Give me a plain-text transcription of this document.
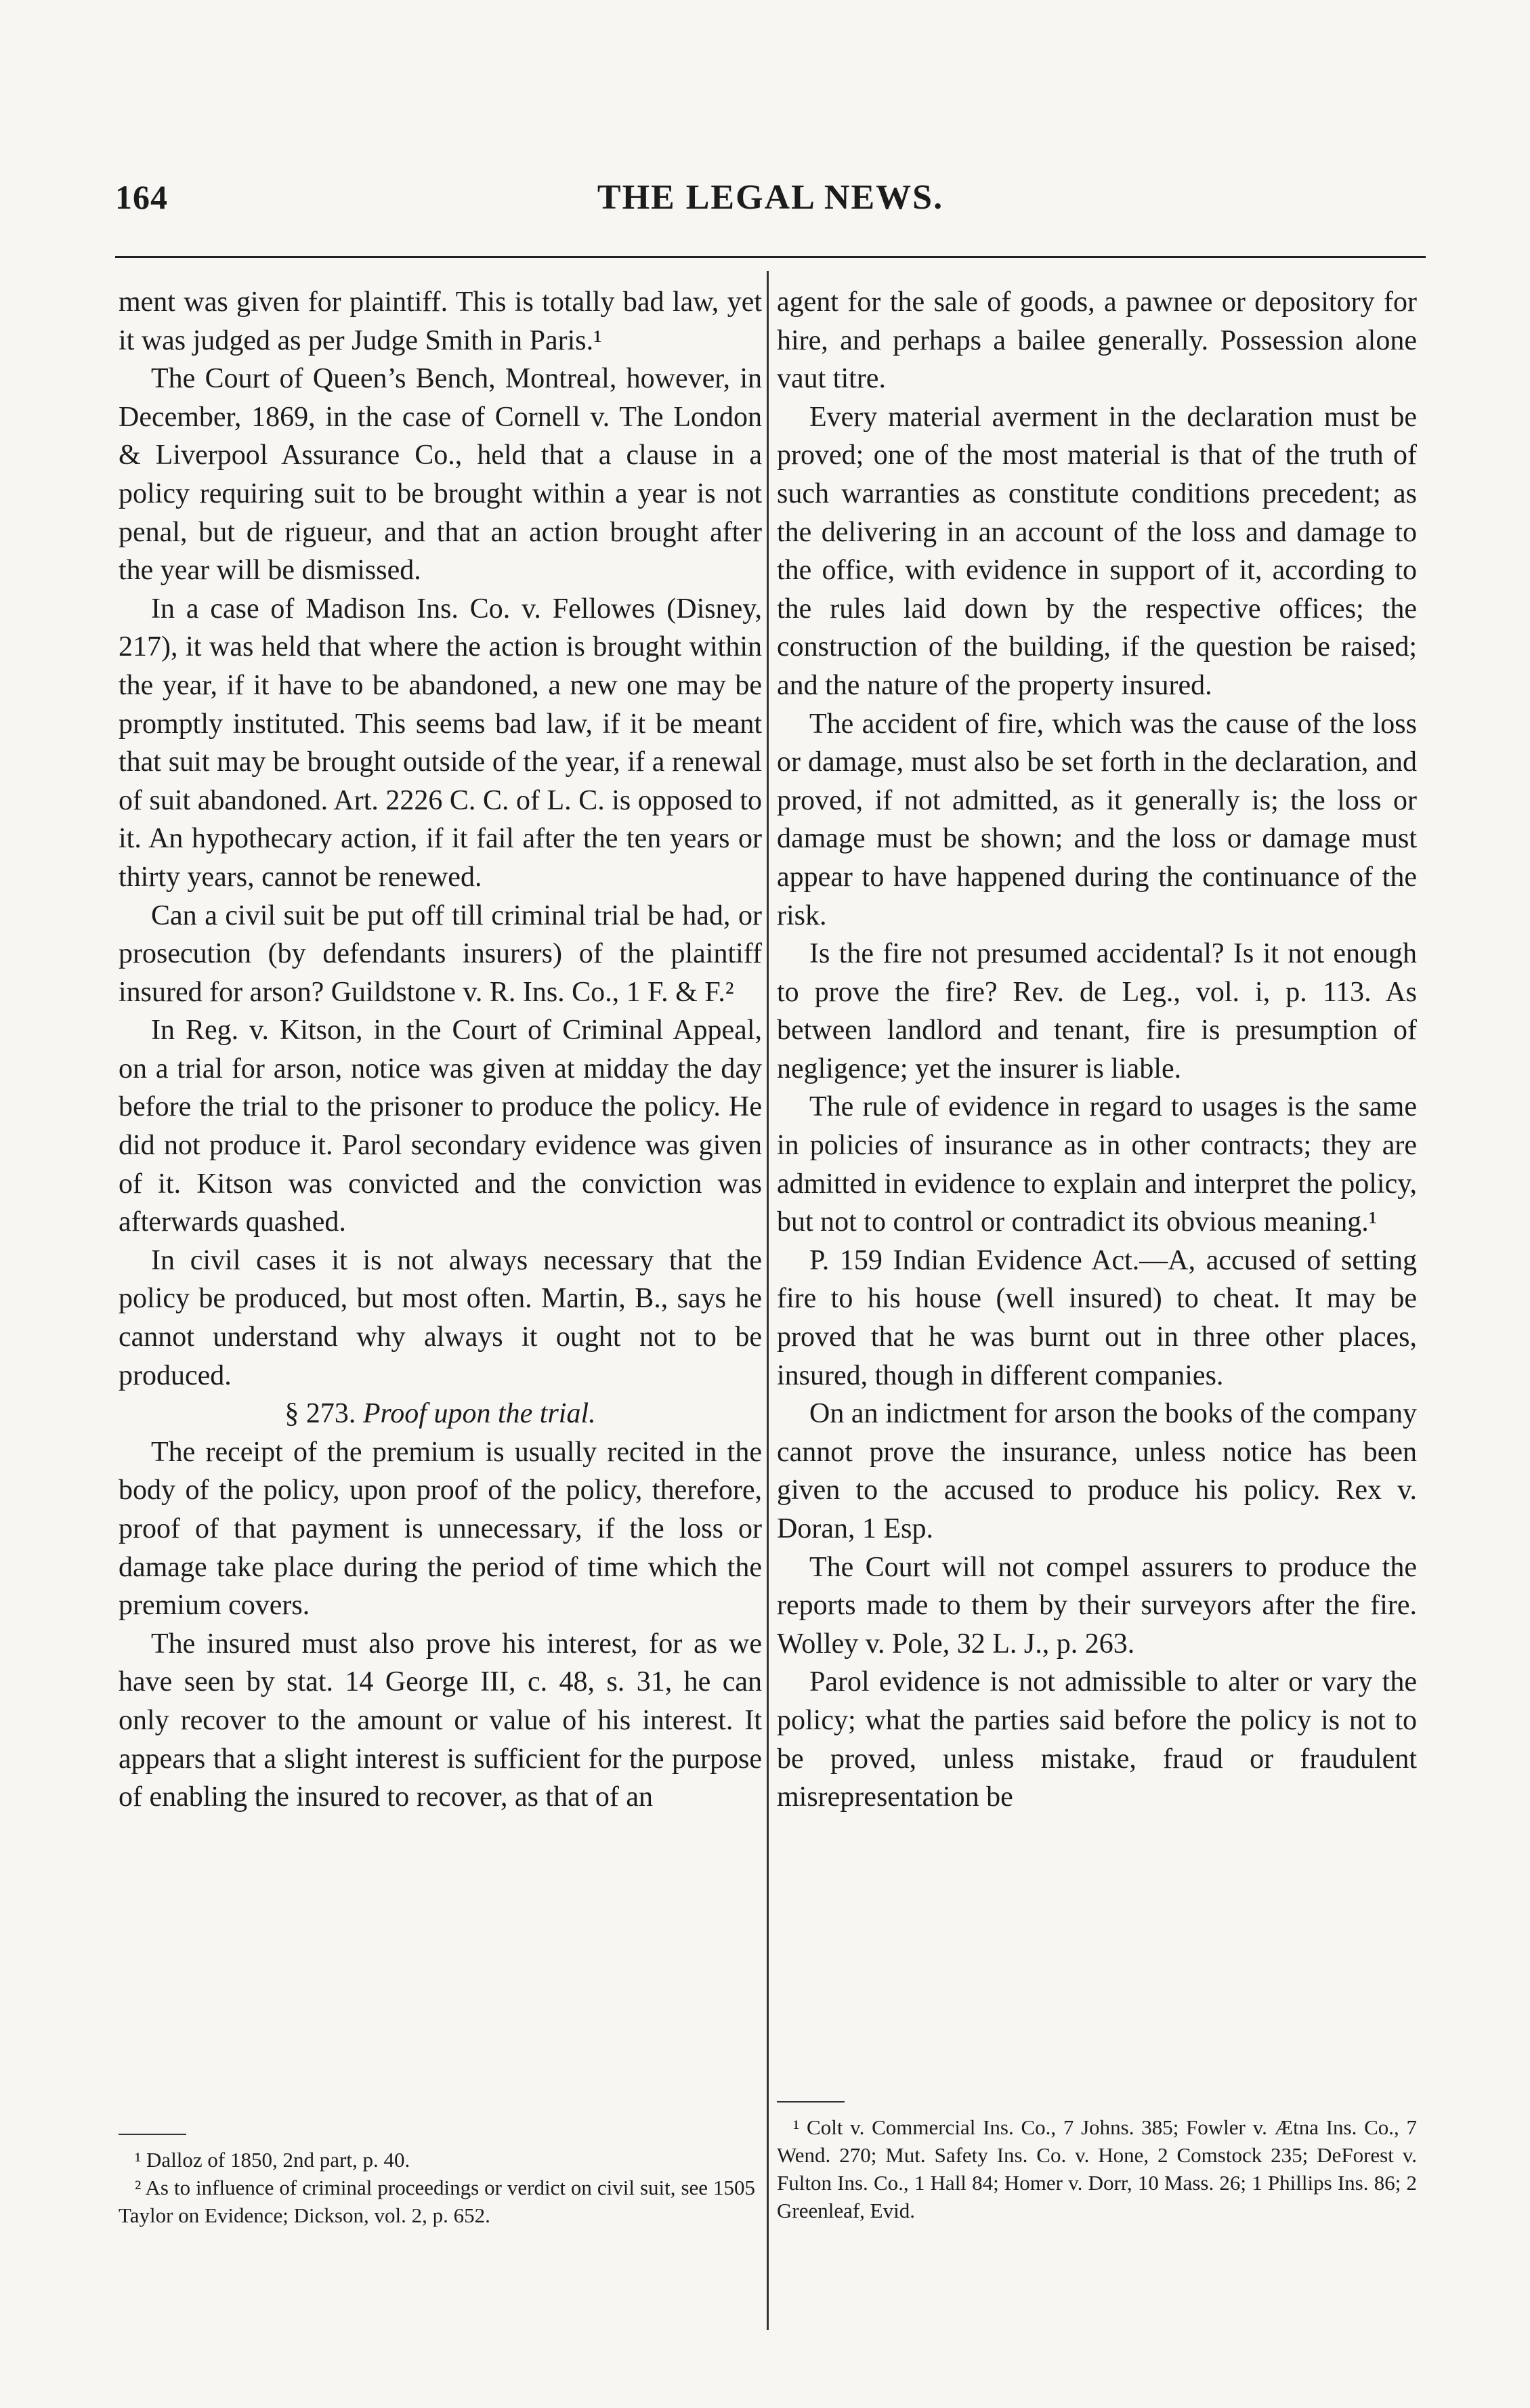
164	THE LEGAL NEWS.

ment was given for plaintiff. This is totally bad law, yet it was judged as per Judge Smith in Paris.¹

The Court of Queen’s Bench, Montreal, however, in December, 1869, in the case of Cornell v. The London & Liverpool Assurance Co., held that a clause in a policy requiring suit to be brought within a year is not penal, but de rigueur, and that an action brought after the year will be dismissed.

In a case of Madison Ins. Co. v. Fellowes (Disney, 217), it was held that where the action is brought within the year, if it have to be abandoned, a new one may be promptly instituted. This seems bad law, if it be meant that suit may be brought outside of the year, if a renewal of suit abandoned. Art. 2226 C. C. of L. C. is opposed to it. An hypothecary action, if it fail after the ten years or thirty years, cannot be renewed.

Can a civil suit be put off till criminal trial be had, or prosecution (by defendants insurers) of the plaintiff insured for arson? Guildstone v. R. Ins. Co., 1 F. & F.²

In Reg. v. Kitson, in the Court of Criminal Appeal, on a trial for arson, notice was given at midday the day before the trial to the prisoner to produce the policy. He did not produce it. Parol secondary evidence was given of it. Kitson was convicted and the conviction was afterwards quashed.

In civil cases it is not always necessary that the policy be produced, but most often. Martin, B., says he cannot understand why always it ought not to be produced.

§ 273. Proof upon the trial.

The receipt of the premium is usually recited in the body of the policy, upon proof of the policy, therefore, proof of that payment is unnecessary, if the loss or damage take place during the period of time which the premium covers.

The insured must also prove his interest, for as we have seen by stat. 14 George III, c. 48, s. 31, he can only recover to the amount or value of his interest. It appears that a slight interest is sufficient for the purpose of enabling the insured to recover, as that of an

agent for the sale of goods, a pawnee or depository for hire, and perhaps a bailee generally. Possession alone vaut titre.

Every material averment in the declaration must be proved; one of the most material is that of the truth of such warranties as constitute conditions precedent; as the delivering in an account of the loss and damage to the office, with evidence in support of it, according to the rules laid down by the respective offices; the construction of the building, if the question be raised; and the nature of the property insured.

The accident of fire, which was the cause of the loss or damage, must also be set forth in the declaration, and proved, if not admitted, as it generally is; the loss or damage must be shown; and the loss or damage must appear to have happened during the continuance of the risk.

Is the fire not presumed accidental? Is it not enough to prove the fire? Rev. de Leg., vol. i, p. 113. As between landlord and tenant, fire is presumption of negligence; yet the insurer is liable.

The rule of evidence in regard to usages is the same in policies of insurance as in other contracts; they are admitted in evidence to explain and interpret the policy, but not to control or contradict its obvious meaning.¹

P. 159 Indian Evidence Act.—A, accused of setting fire to his house (well insured) to cheat. It may be proved that he was burnt out in three other places, insured, though in different companies.

On an indictment for arson the books of the company cannot prove the insurance, unless notice has been given to the accused to produce his policy. Rex v. Doran, 1 Esp.

The Court will not compel assurers to produce the reports made to them by their surveyors after the fire. Wolley v. Pole, 32 L. J., p. 263.

Parol evidence is not admissible to alter or vary the policy; what the parties said before the policy is not to be proved, unless mistake, fraud or fraudulent misrepresentation be

¹ Dalloz of 1850, 2nd part, p. 40.

² As to influence of criminal proceedings or verdict on civil suit, see 1505 Taylor on Evidence; Dickson, vol. 2, p. 652.

¹ Colt v. Commercial Ins. Co., 7 Johns. 385; Fowler v. Ætna Ins. Co., 7 Wend. 270; Mut. Safety Ins. Co. v. Hone, 2 Comstock 235; DeForest v. Fulton Ins. Co., 1 Hall 84; Homer v. Dorr, 10 Mass. 26; 1 Phillips Ins. 86; 2 Greenleaf, Evid.
